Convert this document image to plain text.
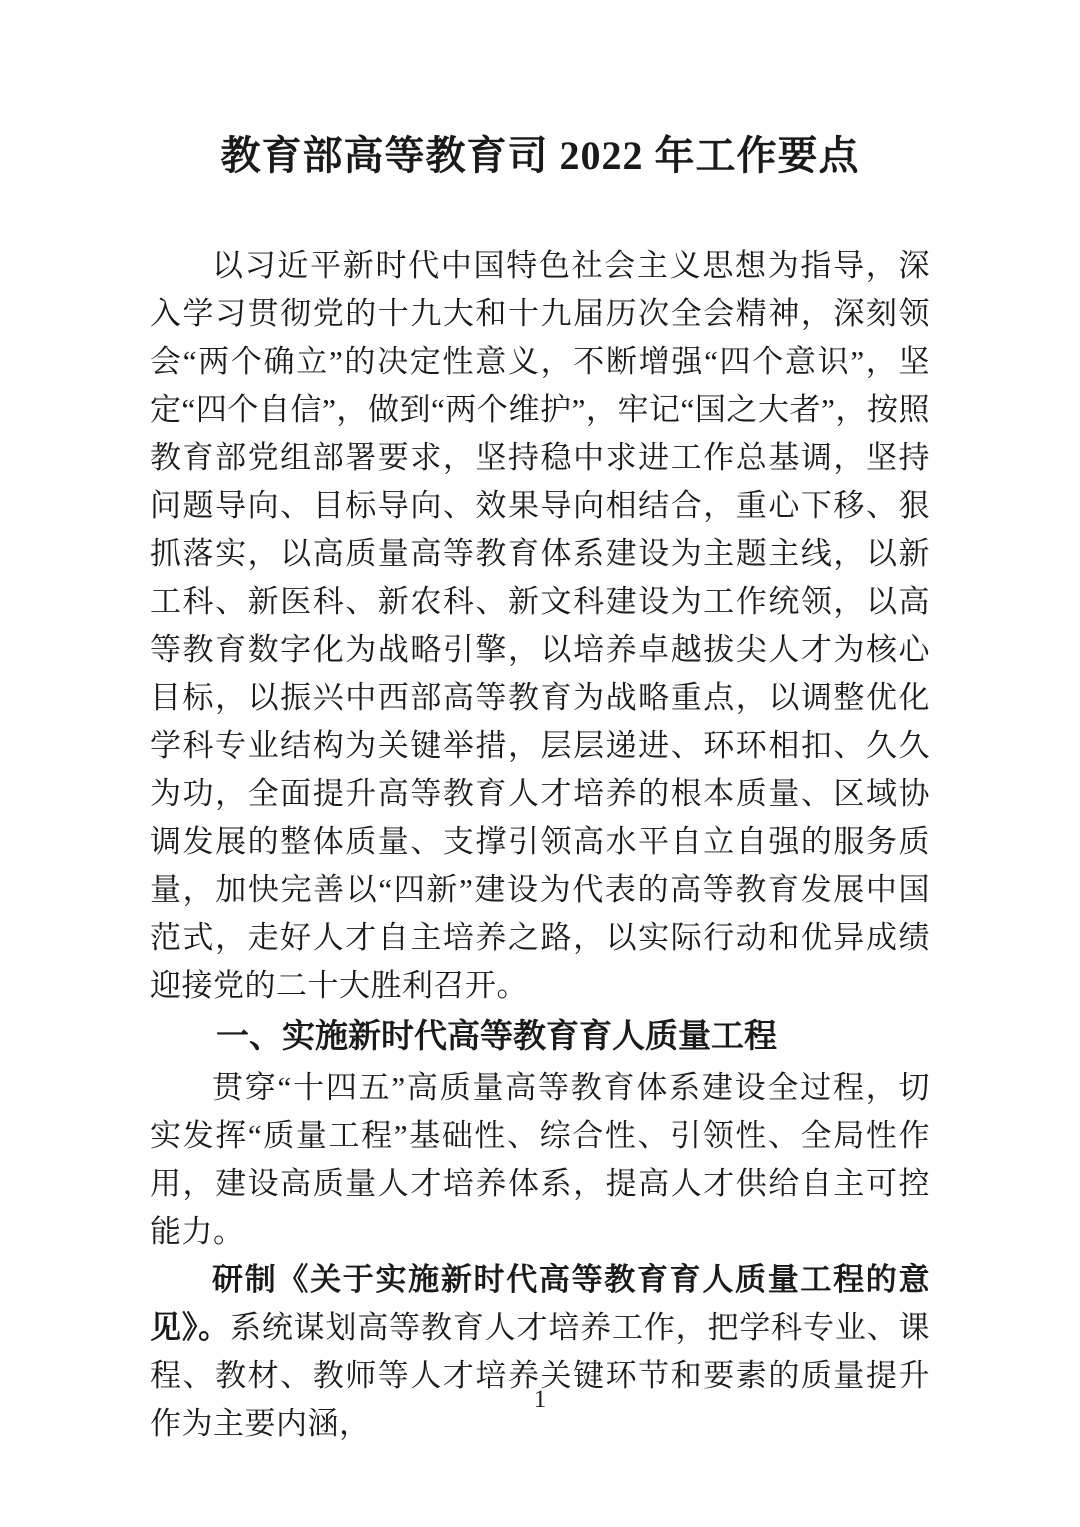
教育部高等教育司 2022 年工作要点

以习近平新时代中国特色社会主义思想为指导，深入学习贯彻党的十九大和十九届历次全会精神，深刻领会“两个确立”的决定性意义，不断增强“四个意识”，坚定“四个自信”，做到“两个维护”，牢记“国之大者”，按照教育部党组部署要求，坚持稳中求进工作总基调，坚持问题导向、目标导向、效果导向相结合，重心下移、狠抓落实，以高质量高等教育体系建设为主题主线，以新工科、新医科、新农科、新文科建设为工作统领，以高等教育数字化为战略引擎，以培养卓越拔尖人才为核心目标，以振兴中西部高等教育为战略重点，以调整优化学科专业结构为关键举措，层层递进、环环相扣、久久为功，全面提升高等教育人才培养的根本质量、区域协调发展的整体质量、支撑引领高水平自立自强的服务质量，加快完善以“四新”建设为代表的高等教育发展中国范式，走好人才自主培养之路，以实际行动和优异成绩迎接党的二十大胜利召开。

一、实施新时代高等教育育人质量工程

贯穿“十四五”高质量高等教育体系建设全过程，切实发挥“质量工程”基础性、综合性、引领性、全局性作用，建设高质量人才培养体系，提高人才供给自主可控能力。

研制《关于实施新时代高等教育育人质量工程的意见》。系统谋划高等教育人才培养工作，把学科专业、课程、教材、教师等人才培养关键环节和要素的质量提升作为主要内涵，

1
